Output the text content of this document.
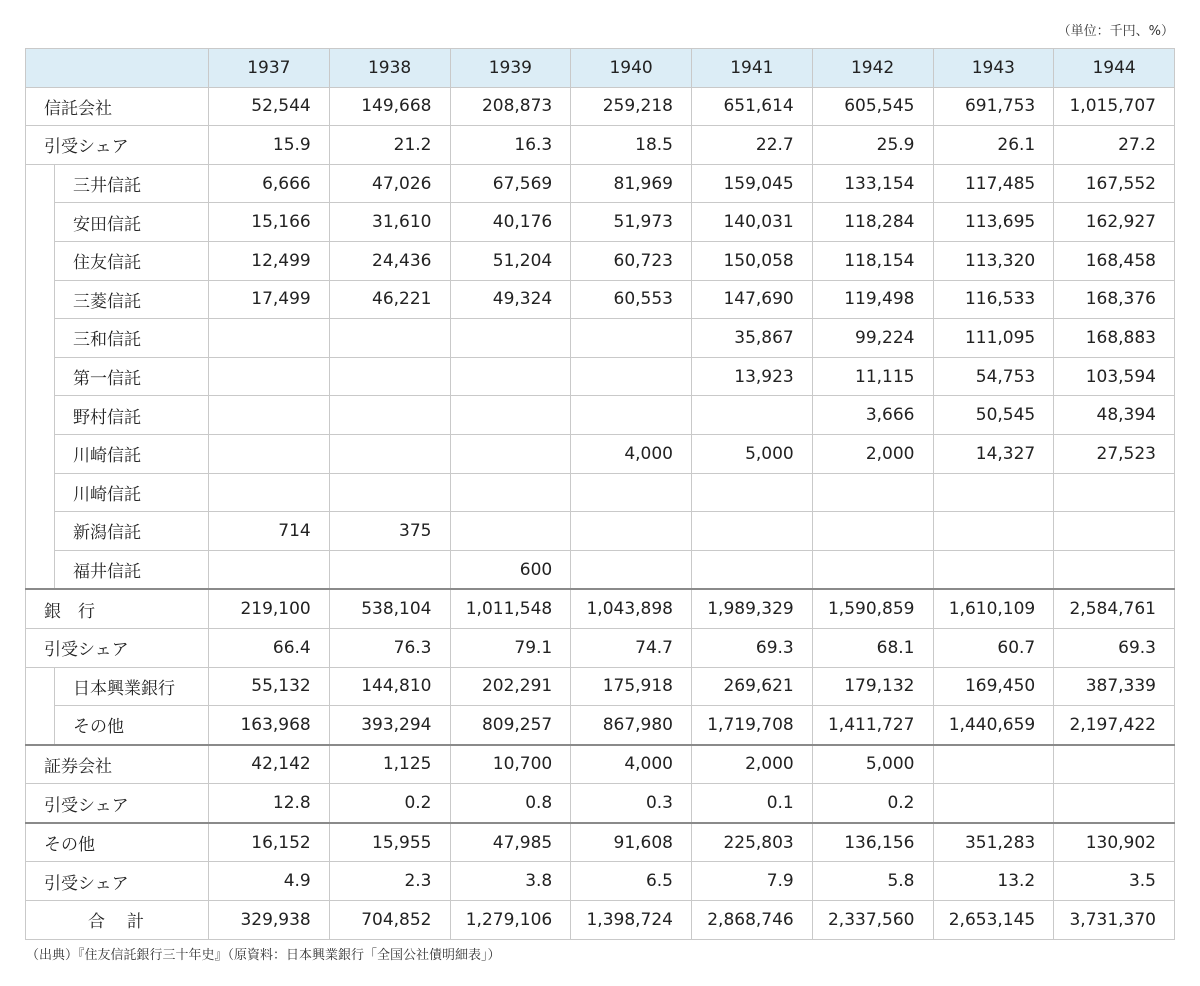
（単位：千円、%）
		1937	1938	1939	1940	1941	1942	1943	1944
信託会社		52,544	149,668	208,873	259,218	651,614	605,545	691,753	1,015,707
引受シェア		15.9	21.2	16.3	18.5	22.7	25.9	26.1	27.2
	三井信託	6,666	47,026	67,569	81,969	159,045	133,154	117,485	167,552
	安田信託	15,166	31,610	40,176	51,973	140,031	118,284	113,695	162,927
	住友信託	12,499	24,436	51,204	60,723	150,058	118,154	113,320	168,458
	三菱信託	17,499	46,221	49,324	60,553	147,690	119,498	116,533	168,376
	三和信託					35,867	99,224	111,095	168,883
	第一信託					13,923	11,115	54,753	103,594
	野村信託						3,666	50,545	48,394
	川崎信託				4,000	5,000	2,000	14,327	27,523
	川崎信託								
	新潟信託	714	375						
	福井信託			600					
銀　行		219,100	538,104	1,011,548	1,043,898	1,989,329	1,590,859	1,610,109	2,584,761
引受シェア		66.4	76.3	79.1	74.7	69.3	68.1	60.7	69.3
	日本興業銀行	55,132	144,810	202,291	175,918	269,621	179,132	169,450	387,339
	その他	163,968	393,294	809,257	867,980	1,719,708	1,411,727	1,440,659	2,197,422
証券会社		42,142	1,125	10,700	4,000	2,000	5,000		
引受シェア		12.8	0.2	0.8	0.3	0.1	0.2		
その他		16,152	15,955	47,985	91,608	225,803	136,156	351,283	130,902
引受シェア		4.9	2.3	3.8	6.5	7.9	5.8	13.2	3.5
合計		329,938	704,852	1,279,106	1,398,724	2,868,746	2,337,560	2,653,145	3,731,370
（出典）『住友信託銀行三十年史』（原資料：日本興業銀行「全国公社債明細表」）
